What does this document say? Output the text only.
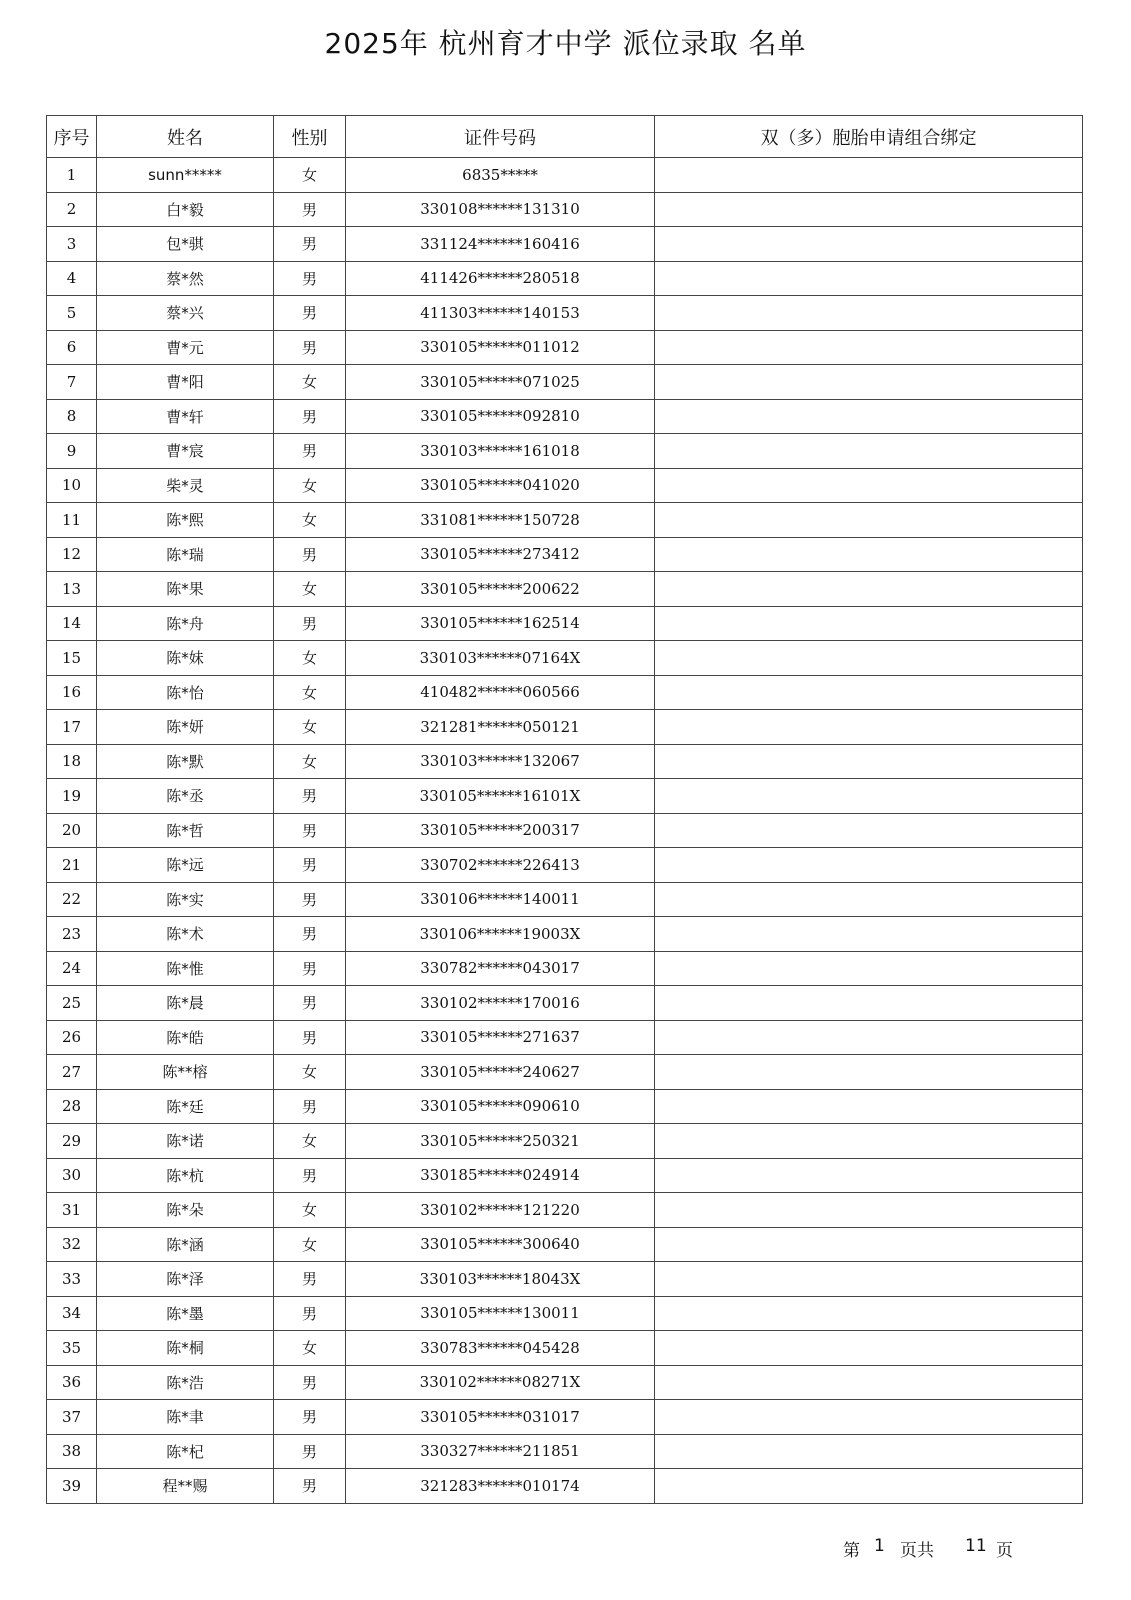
2025年 杭州育才中学 派位录取 名单
序号	姓名	性别	证件号码	双（多）胞胎申请组合绑定
1	sunn*****	女	6835*****	
2	白*毅	男	330108******131310	
3	包*骐	男	331124******160416	
4	蔡*然	男	411426******280518	
5	蔡*兴	男	411303******140153	
6	曹*元	男	330105******011012	
7	曹*阳	女	330105******071025	
8	曹*轩	男	330105******092810	
9	曹*宸	男	330103******161018	
10	柴*灵	女	330105******041020	
11	陈*熙	女	331081******150728	
12	陈*瑞	男	330105******273412	
13	陈*果	女	330105******200622	
14	陈*舟	男	330105******162514	
15	陈*妹	女	330103******07164X	
16	陈*怡	女	410482******060566	
17	陈*妍	女	321281******050121	
18	陈*默	女	330103******132067	
19	陈*丞	男	330105******16101X	
20	陈*哲	男	330105******200317	
21	陈*远	男	330702******226413	
22	陈*实	男	330106******140011	
23	陈*术	男	330106******19003X	
24	陈*惟	男	330782******043017	
25	陈*晨	男	330102******170016	
26	陈*皓	男	330105******271637	
27	陈**榕	女	330105******240627	
28	陈*廷	男	330105******090610	
29	陈*诺	女	330105******250321	
30	陈*杭	男	330185******024914	
31	陈*朵	女	330102******121220	
32	陈*涵	女	330105******300640	
33	陈*泽	男	330103******18043X	
34	陈*墨	男	330105******130011	
35	陈*桐	女	330783******045428	
36	陈*浩	男	330102******08271X	
37	陈*聿	男	330105******031017	
38	陈*杞	男	330327******211851	
39	程**赐	男	321283******010174	
第 1 页共 11 页
